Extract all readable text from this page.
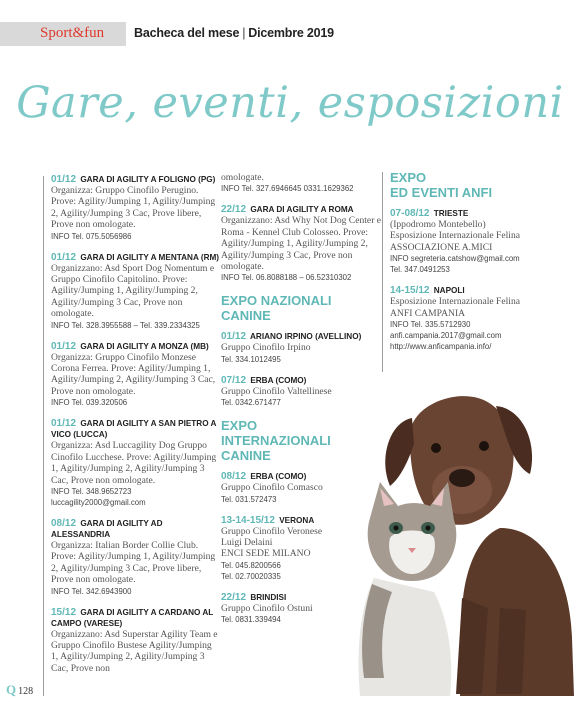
Sport&fun Bacheca del mese | Dicembre 2019
Gare, eventi, esposizioni
01/12 GARA DI AGILITY A FOLIGNO (PG)
Organizza: Gruppo Cinofilo Perugino. Prove: Agility/Jumping 1, Agility/Jumping 2, Agility/Jumping 3 Cac, Prove libere, Prove non omologate.
INFO Tel. 075.5056986
01/12 GARA DI AGILITY A MENTANA (RM)
Organizzano: Asd Sport Dog Nomentum e Gruppo Cinofilo Capitolino. Prove: Agility/Jumping 1, Agility/Jumping 2, Agility/Jumping 3 Cac, Prove non omologate.
INFO Tel. 328.3955588 – Tel. 339.2334325
01/12 GARA DI AGILITY A MONZA (MB)
Organizza: Gruppo Cinofilo Monzese Corona Ferrea. Prove: Agility/Jumping 1, Agility/Jumping 2, Agility/Jumping 3 Cac, Prove non omologate.
INFO Tel. 039.320506
01/12 GARA DI AGILITY A SAN PIETRO A VICO (LUCCA)
Organizza: Asd Luccagility Dog Gruppo Cinofilo Lucchese. Prove: Agility/Jumping 1, Agility/Jumping 2, Agility/Jumping 3 Cac, Prove non omologate.
INFO Tel. 348.9652723
luccagility2000@gmail.com
08/12 GARA DI AGILITY AD ALESSANDRIA
Organizza: Italian Border Collie Club. Prove: Agility/Jumping 1, Agility/Jumping 2, Agility/Jumping 3 Cac, Prove libere, Prove non omologate.
INFO Tel. 342.6943900
15/12 GARA DI AGILITY A CARDANO AL CAMPO (VARESE)
Organizzano: Asd Superstar Agility Team e Gruppo Cinofilo Bustese Agility/Jumping 1, Agility/Jumping 2, Agility/Jumping 3 Cac, Prove non
omologate.
INFO Tel. 327.6946645 0331.1629362
22/12 GARA DI AGILITY A ROMA
Organizzano: Asd Why Not Dog Center e Roma - Kennel Club Colosseo. Prove: Agility/Jumping 1, Agility/Jumping 2, Agility/Jumping 3 Cac, Prove non omologate.
INFO Tel. 06.8088188 – 06.52310302
EXPO NAZIONALI
CANINE
01/12 ARIANO IRPINO (AVELLINO)
Gruppo Cinofilo Irpino
Tel. 334.1012495
07/12 ERBA (COMO)
Gruppo Cinofilo Valtellinese
Tel. 0342.671477
EXPO
INTERNAZIONALI
CANINE
08/12 ERBA (COMO)
Gruppo Cinofilo Comasco
Tel. 031.572473
13-14-15/12 VERONA
Gruppo Cinofilo Veronese
Luigi Delaini
ENCI SEDE MILANO
Tel. 045.8200566
Tel. 02.70020335
22/12 BRINDISI
Gruppo Cinofilo Ostuni
Tel. 0831.339494
EXPO
ED EVENTI ANFI
07-08/12 TRIESTE
(Ippodromo Montebello)
Esposizione Internazionale Felina
ASSOCIAZIONE A.MICI
INFO segreteria.catshow@gmail.com
Tel. 347.0491253
14-15/12 NAPOLI
Esposizione Internazionale Felina
ANFI CAMPANIA
INFO Tel. 335.5712930
anfi.campania.2017@gmail.com
http://www.anficampania.info/
Q 128
